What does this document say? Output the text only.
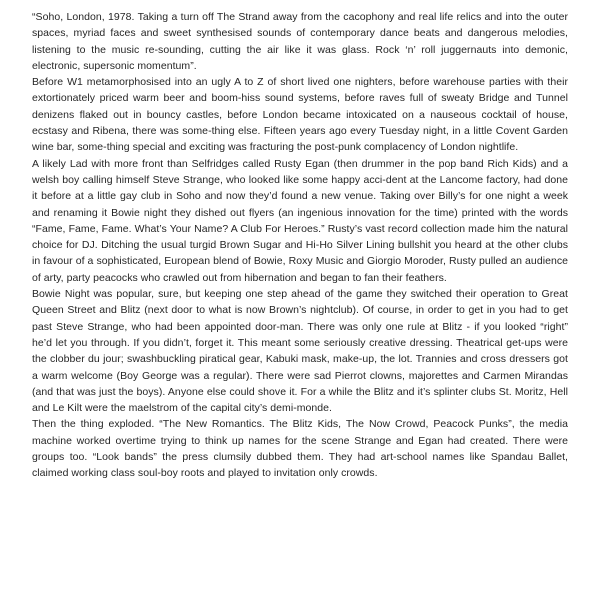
“Soho, London, 1978. Taking a turn off The Strand away from the cacophony and real life relics and into the outer spaces, myriad faces and sweet synthesised sounds of contemporary dance beats and dangerous melodies, listening to the music re-sounding, cutting the air like it was glass. Rock ‘n’ roll juggernauts into demonic, electronic, supersonic momentum”.

Before W1 metamorphosised into an ugly A to Z of short lived one nighters, before warehouse parties with their extortionately priced warm beer and boom-hiss sound systems, before raves full of sweaty Bridge and Tunnel denizens flaked out in bouncy castles, before London became intoxicated on a nauseous cocktail of house, ecstasy and Ribena, there was some-thing else. Fifteen years ago every Tuesday night, in a little Covent Garden wine bar, some-thing special and exciting was fracturing the post-punk complacency of London nightlife.

A likely Lad with more front than Selfridges called Rusty Egan (then drummer in the pop band Rich Kids) and a welsh boy calling himself Steve Strange, who looked like some happy acci-dent at the Lancome factory, had done it before at a little gay club in Soho and now they’d found a new venue. Taking over Billy’s for one night a week and renaming it Bowie night they dished out flyers (an ingenious innovation for the time) printed with the words “Fame, Fame, Fame. What’s Your Name? A Club For Heroes.” Rusty’s vast record collection made him the natural choice for DJ. Ditching the usual turgid Brown Sugar and Hi-Ho Silver Lining bullshit you heard at the other clubs in favour of a sophisticated, European blend of Bowie, Roxy Music and Giorgio Moroder, Rusty pulled an audience of arty, party peacocks who crawled out from hibernation and began to fan their feathers.

Bowie Night was popular, sure, but keeping one step ahead of the game they switched their operation to Great Queen Street and Blitz (next door to what is now Brown’s nightclub). Of course, in order to get in you had to get past Steve Strange, who had been appointed door-man. There was only one rule at Blitz - if you looked “right” he’d let you through. If you didn’t, forget it. This meant some seriously creative dressing. Theatrical get-ups were the clobber du jour; swashbuckling piratical gear, Kabuki mask, make-up, the lot. Trannies and cross dressers got a warm welcome (Boy George was a regular). There were sad Pierrot clowns, majorettes and Carmen Mirandas (and that was just the boys). Anyone else could shove it. For a while the Blitz and it’s splinter clubs St. Moritz, Hell and Le Kilt were the maelstrom of the capital city’s demi-monde.

Then the thing exploded. “The New Romantics. The Blitz Kids, The Now Crowd, Peacock Punks”, the media machine worked overtime trying to think up names for the scene Strange and Egan had created. There were groups too. “Look bands” the press clumsily dubbed them. They had art-school names like Spandau Ballet, claimed working class soul-boy roots and played to invitation only crowds.
